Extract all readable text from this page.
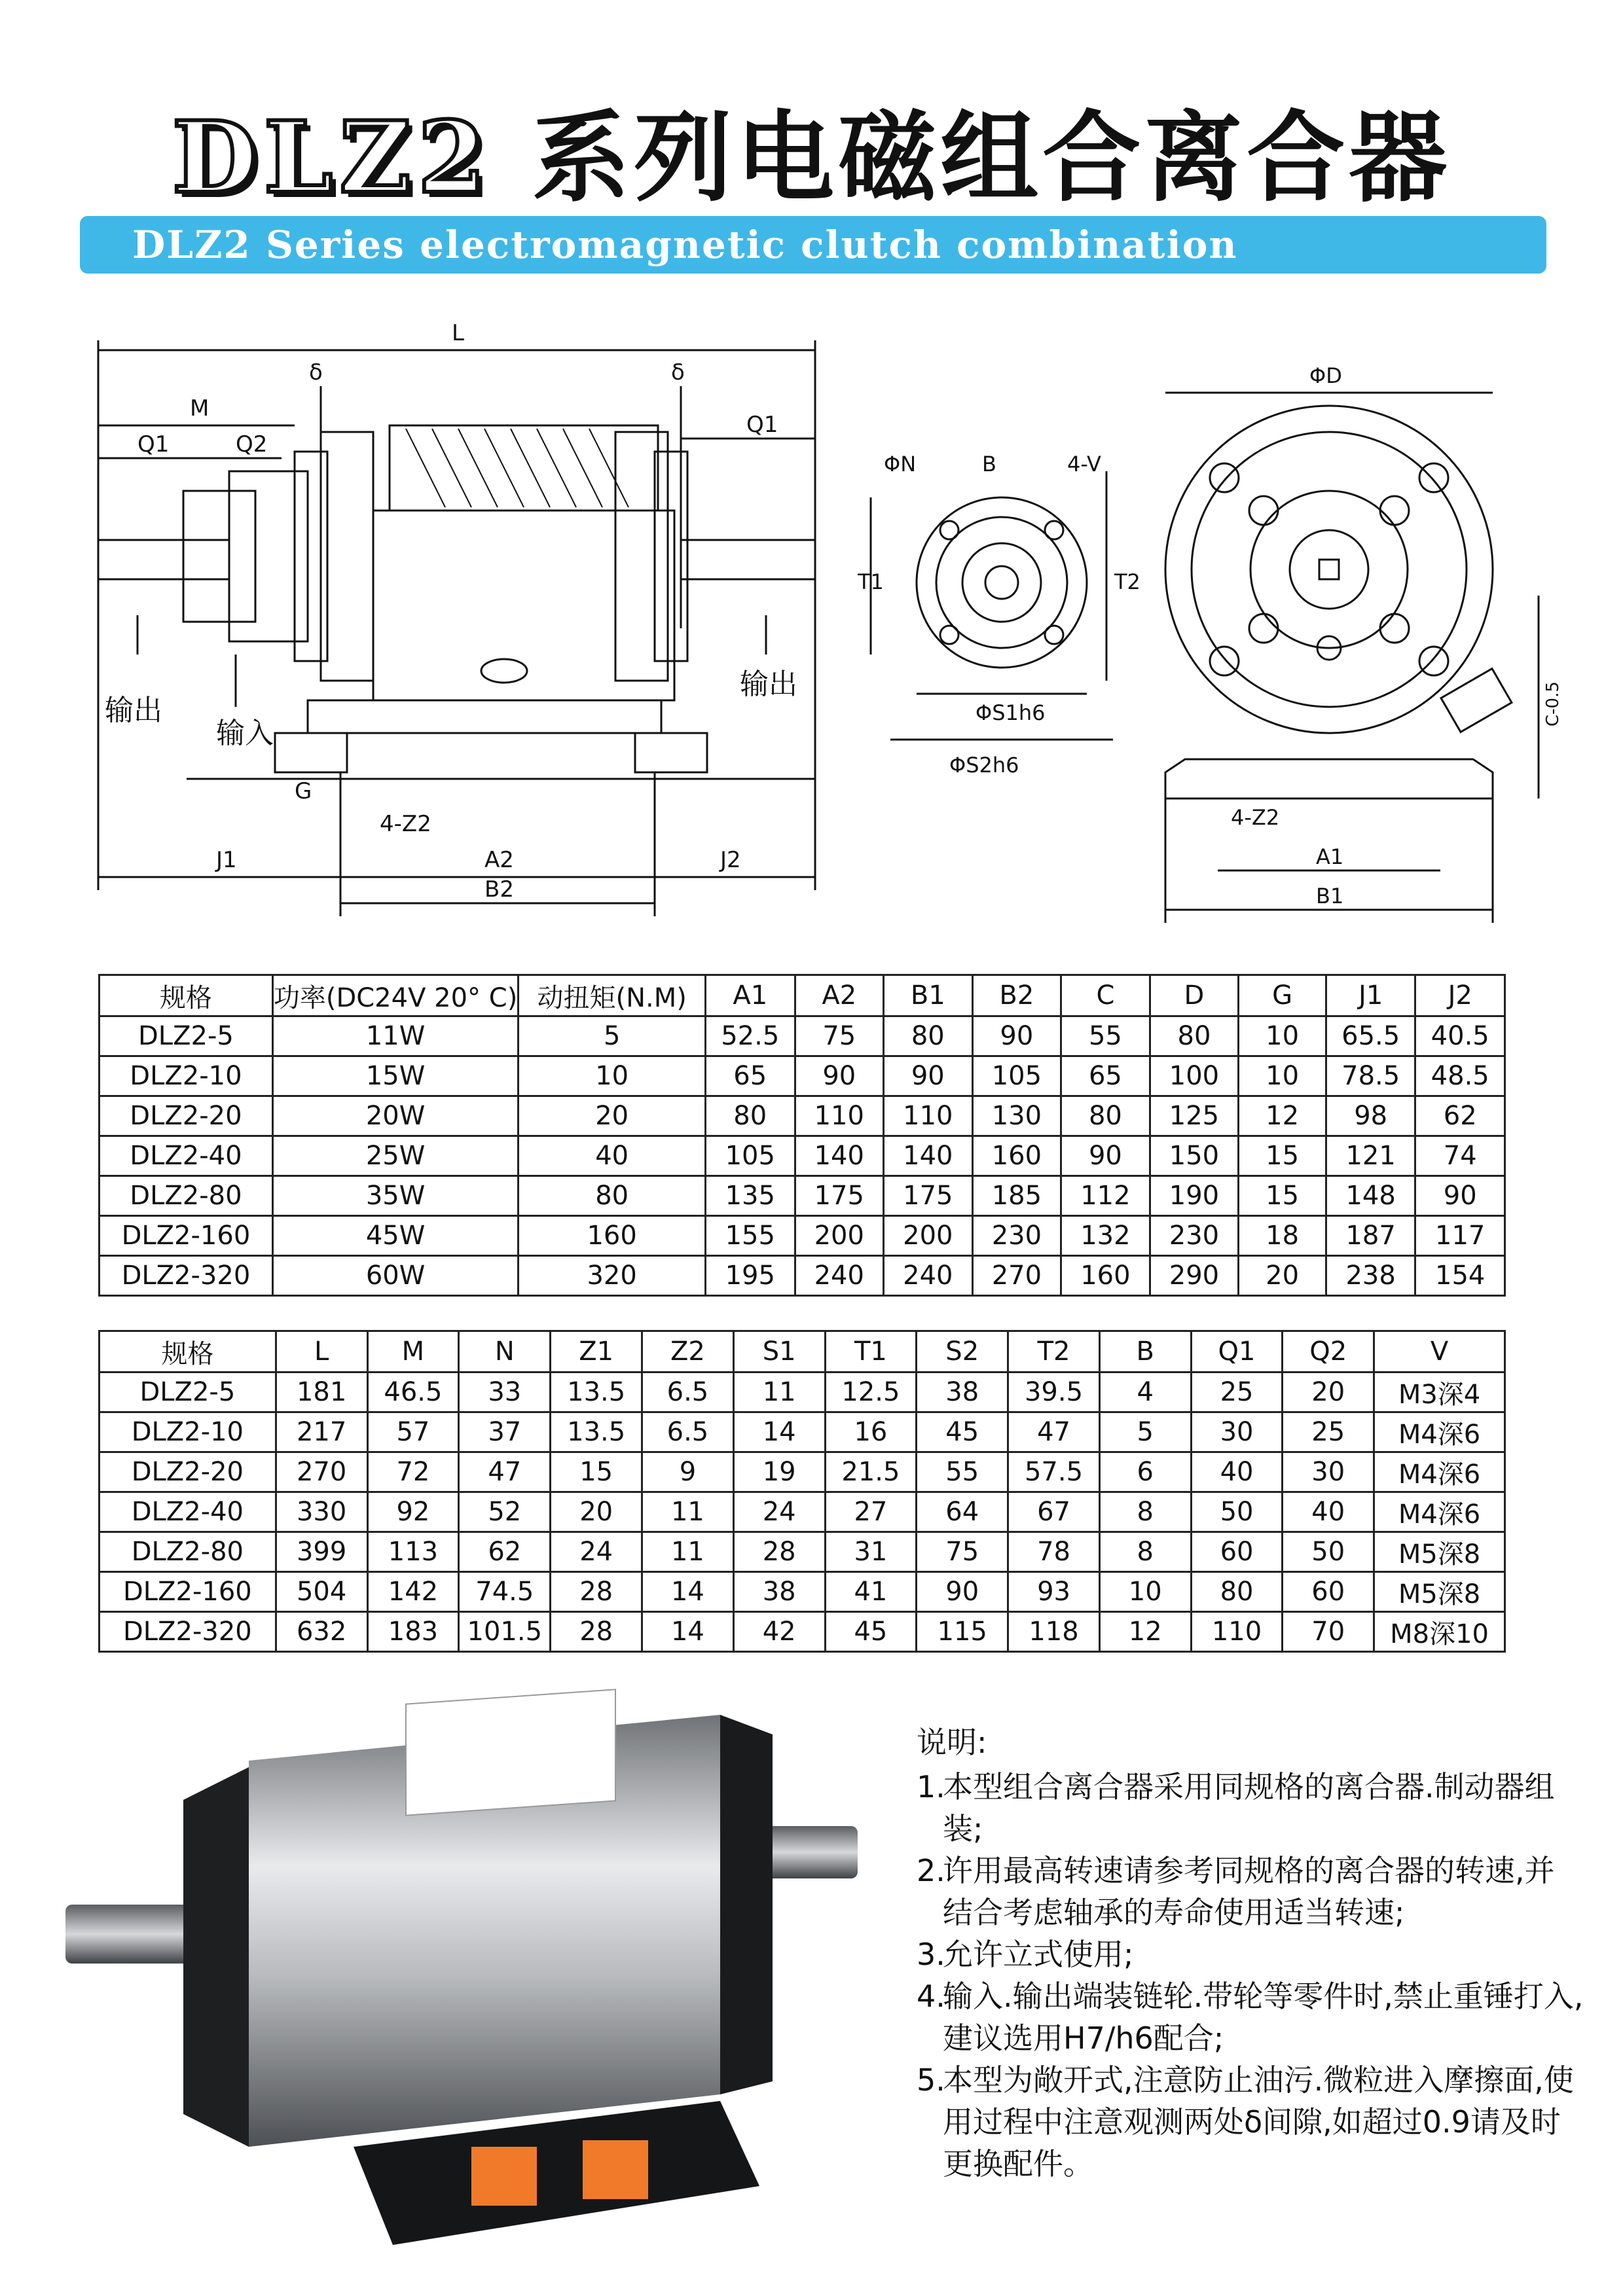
DLZ2 系列电磁组合离合器
DLZ2 Series electromagnetic clutch combination
L
M
Q1	Q2
Q1
δ	δ
G
4-Z2
J1	A2	J2
B2
输出
输入
输出
ΦN	B	4-V
T1	T2
ΦS1h6
ΦS2h6
ΦD
C-0.5
4-Z2
A1
B1
规格	功率(DC24V 20° C)	动扭矩(N.M)	A1	A2	B1	B2	C	D	G	J1	J2
DLZ2-5	11W	5	52.5	75	80	90	55	80	10	65.5	40.5
DLZ2-10	15W	10	65	90	90	105	65	100	10	78.5	48.5
DLZ2-20	20W	20	80	110	110	130	80	125	12	98	62
DLZ2-40	25W	40	105	140	140	160	90	150	15	121	74
DLZ2-80	35W	80	135	175	175	185	112	190	15	148	90
DLZ2-160	45W	160	155	200	200	230	132	230	18	187	117
DLZ2-320	60W	320	195	240	240	270	160	290	20	238	154
规格	L	M	N	Z1	Z2	S1	T1	S2	T2	B	Q1	Q2	V
DLZ2-5	181	46.5	33	13.5	6.5	11	12.5	38	39.5	4	25	20	M3深4
DLZ2-10	217	57	37	13.5	6.5	14	16	45	47	5	30	25	M4深6
DLZ2-20	270	72	47	15	9	19	21.5	55	57.5	6	40	30	M4深6
DLZ2-40	330	92	52	20	11	24	27	64	67	8	50	40	M4深6
DLZ2-80	399	113	62	24	11	28	31	75	78	8	60	50	M5深8
DLZ2-160	504	142	74.5	28	14	38	41	90	93	10	80	60	M5深8
DLZ2-320	632	183	101.5	28	14	42	45	115	118	12	110	70	M8深10
说明:
1.
本型组合离合器采用同规格的离合器.制动器组装;
2.
许用最高转速请参考同规格的离合器的转速,并结合考虑轴承的寿命使用适当转速;
3.
允许立式使用;
4.
输入.输出端装链轮.带轮等零件时,禁止重锤打入,建议选用H7/h6配合;
5.
本型为敞开式,注意防止油污.微粒进入摩擦面,使用过程中注意观测两处δ间隙,如超过0.9请及时更换配件。
